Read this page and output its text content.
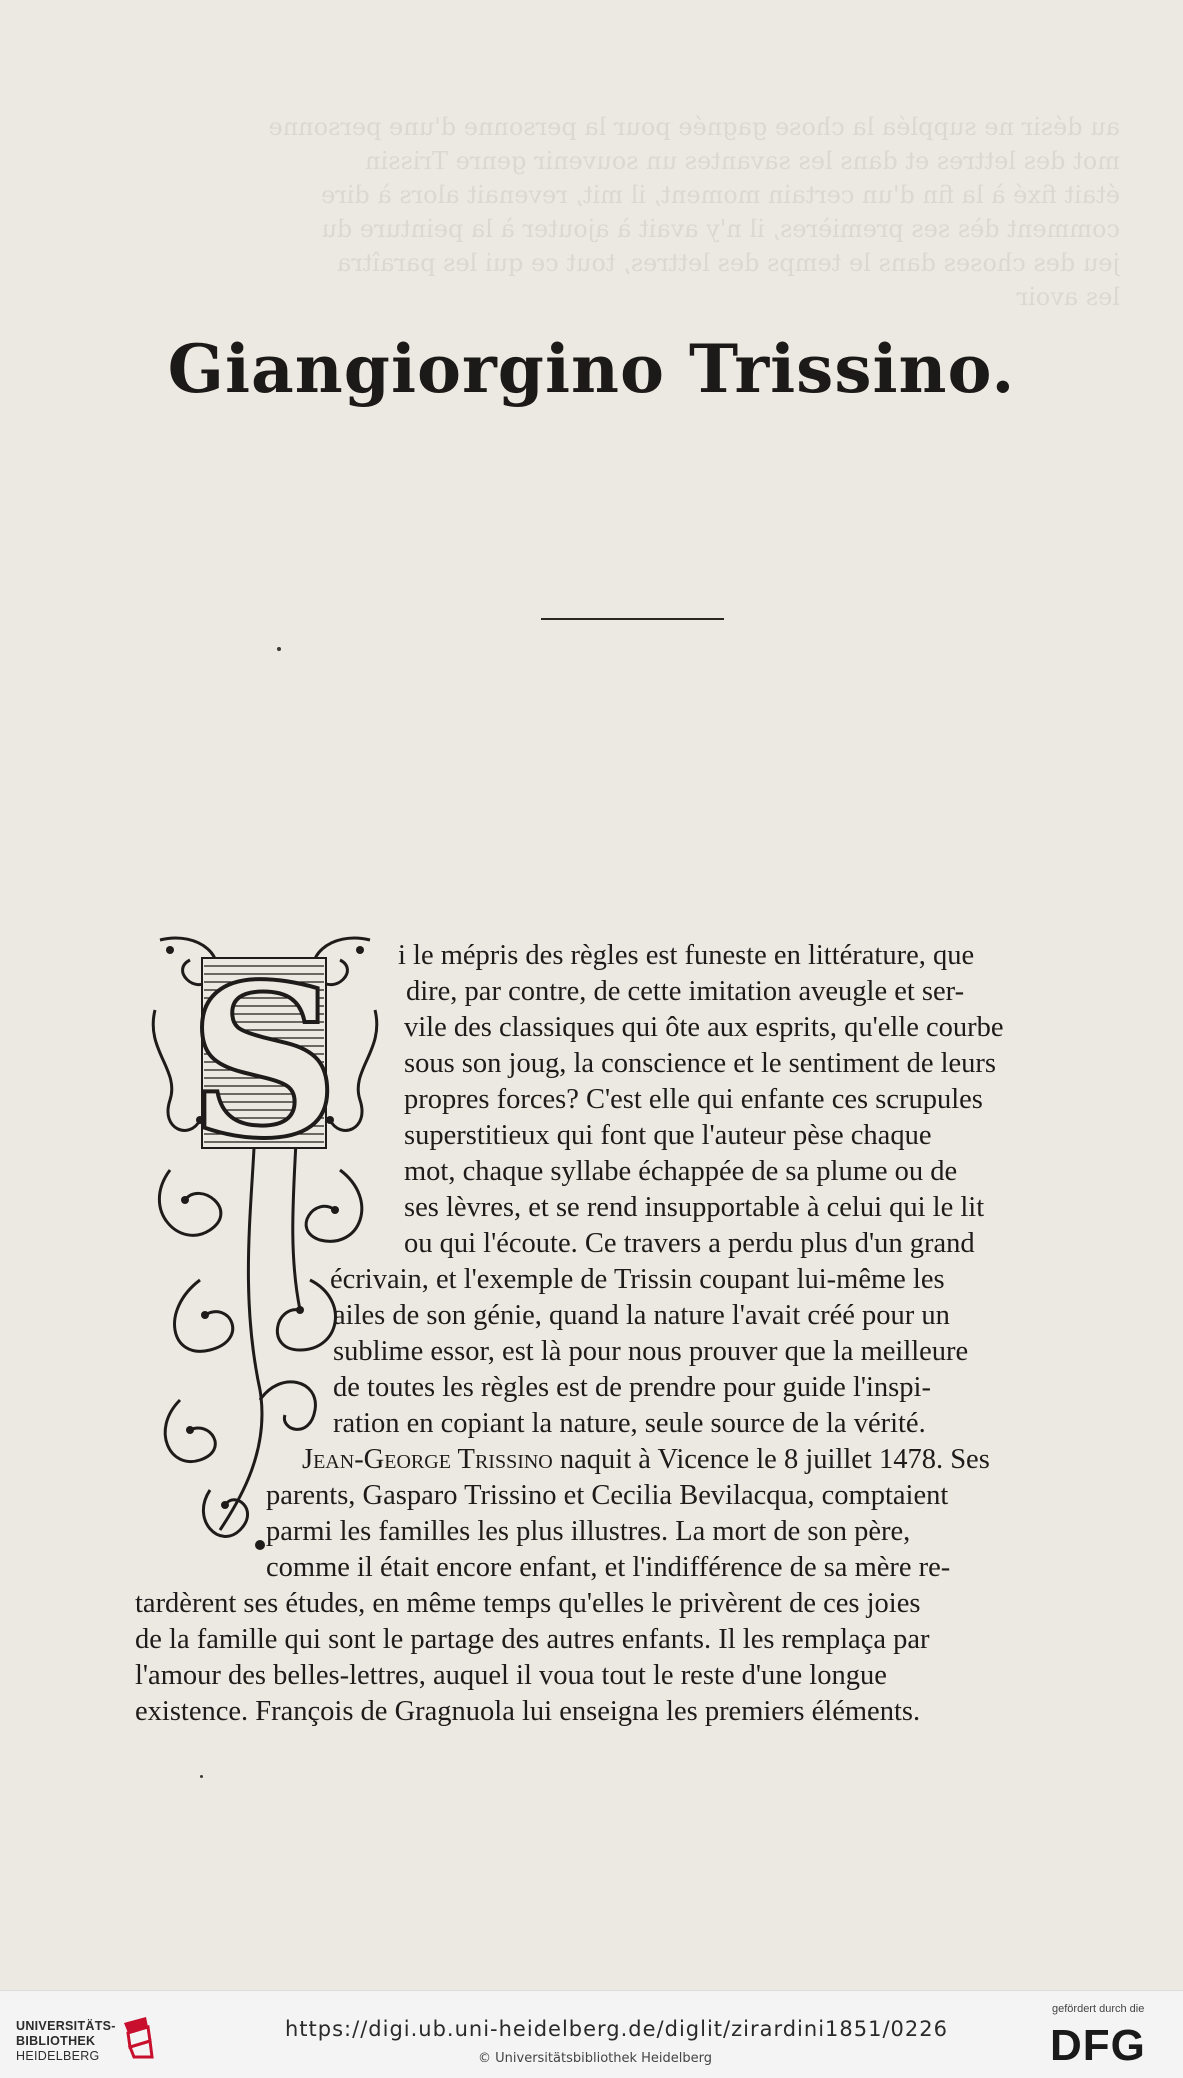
au désir ne suppléa la chose gagnée pour la personne d'une personne
mot des lettres et dans les savantes un souvenir genre Trissin
était fixé à la fin d'un certain moment, il mit, revenait alors à dire
comment dès ses premières, il n'y avait à ajouter à la peinture du
jeu des choses dans le temps des lettres, tout ce qui les paraîtra
les avoir
Giangiorgino Trissino.
S i le mépris des règles est funeste en littérature, que
dire, par contre, de cette imitation aveugle et ser-
vile des classiques qui ôte aux esprits, qu'elle courbe
sous son joug, la conscience et le sentiment de leurs
propres forces? C'est elle qui enfante ces scrupules
superstitieux qui font que l'auteur pèse chaque
mot, chaque syllabe échappée de sa plume ou de
ses lèvres, et se rend insupportable à celui qui le lit
ou qui l'écoute. Ce travers a perdu plus d'un grand
écrivain, et l'exemple de Trissin coupant lui-même les
ailes de son génie, quand la nature l'avait créé pour un
sublime essor, est là pour nous prouver que la meilleure
de toutes les règles est de prendre pour guide l'inspi-
ration en copiant la nature, seule source de la vérité.
Jean-George Trissino naquit à Vicence le 8 juillet 1478. Ses
parents, Gasparo Trissino et Cecilia Bevilacqua, comptaient
parmi les familles les plus illustres. La mort de son père,
comme il était encore enfant, et l'indifférence de sa mère re-
tardèrent ses études, en même temps qu'elles le privèrent de ces joies
de la famille qui sont le partage des autres enfants. Il les remplaça par
l'amour des belles-lettres, auquel il voua tout le reste d'une longue
existence. François de Gragnuola lui enseigna les premiers éléments.
UNIVERSITÄTS-
BIBLIOTHEK
HEIDELBERG
https://digi.ub.uni-heidelberg.de/diglit/zirardini1851/0226
© Universitätsbibliothek Heidelberg
gefördert durch die
DFG
